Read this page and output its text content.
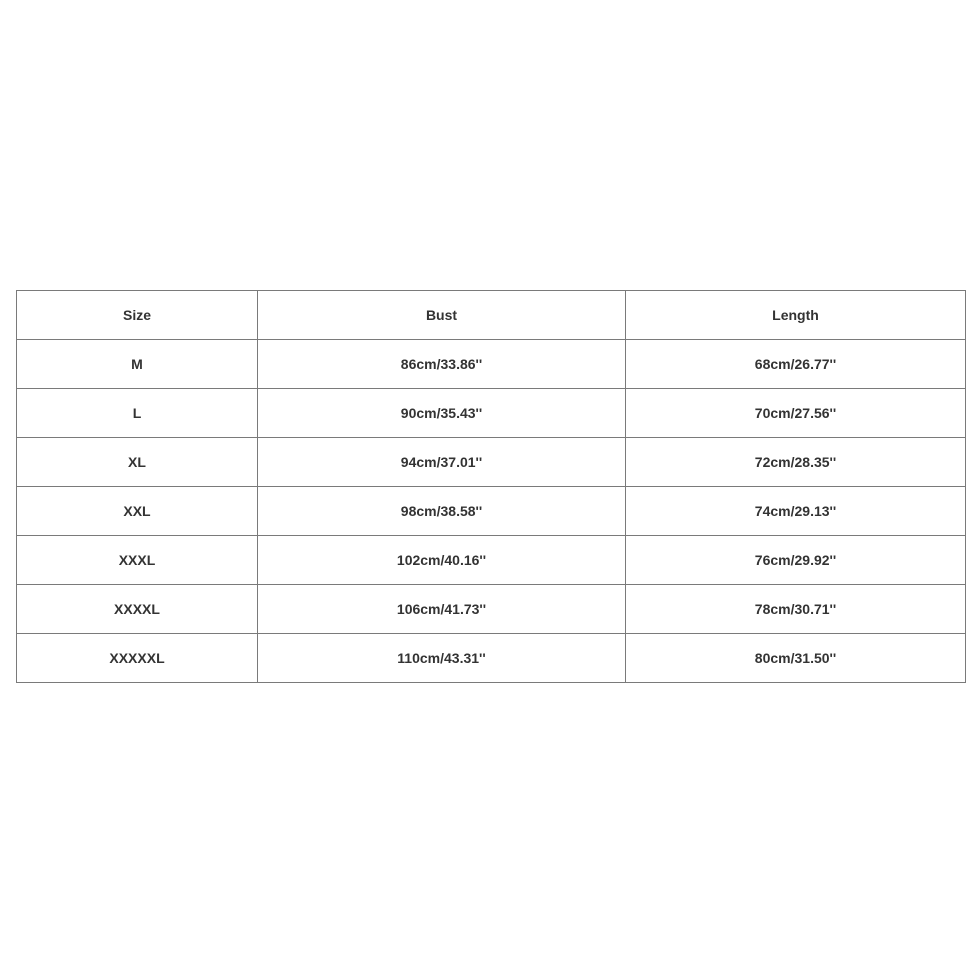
Size	Bust	Length
M	86cm/33.86''	68cm/26.77''
L	90cm/35.43''	70cm/27.56''
XL	94cm/37.01''	72cm/28.35''
XXL	98cm/38.58''	74cm/29.13''
XXXL	102cm/40.16''	76cm/29.92''
XXXXL	106cm/41.73''	78cm/30.71''
XXXXXL	110cm/43.31''	80cm/31.50''
